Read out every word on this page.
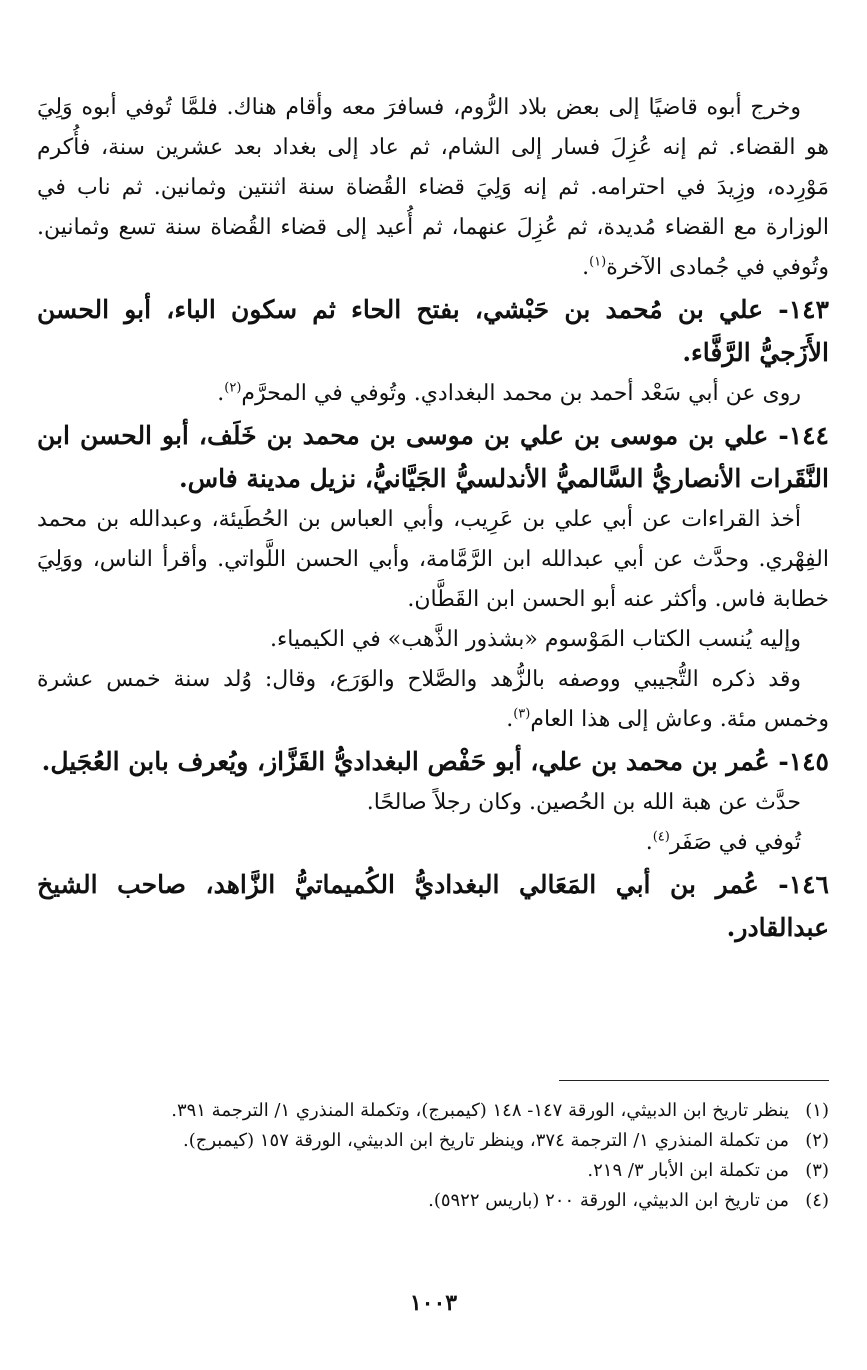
وخرج أبوه قاضيًا إلى بعض بلاد الرُّوم، فسافرَ معه وأقام هناك. فلمَّا تُوفي أبوه وَلِيَ هو القضاء. ثم إنه عُزِلَ فسار إلى الشام، ثم عاد إلى بغداد بعد عشرين سنة، فأُكرم مَوْرِده، وزِيدَ في احترامه. ثم إنه وَلِيَ قضاء القُضاة سنة اثنتين وثمانين. ثم ناب في الوزارة مع القضاء مُديدة، ثم عُزِلَ عنهما، ثم أُعيد إلى قضاء القُضاة سنة تسع وثمانين. وتُوفي في جُمادى الآخرة$^{(١)}$.

١٤٣- علي بن مُحمد بن حَبْشي، بفتح الحاء ثم سكون الباء، أبو الحسن الأَزَجيُّ الرَّفَّاء.

روى عن أبي سَعْد أحمد بن محمد البغدادي. وتُوفي في المحرَّم$^{(٢)}$.

١٤٤- علي بن موسى بن علي بن موسى بن محمد بن خَلَف، أبو الحسن ابن النَّقَرات الأنصاريُّ السَّالميُّ الأندلسيُّ الجَيَّانيُّ، نزيل مدينة فاس.

أخذ القراءات عن أبي علي بن عَرِيب، وأبي العباس بن الحُطَيئة، وعبدالله بن محمد الفِهْري. وحدَّث عن أبي عبدالله ابن الرَّمَّامة، وأبي الحسن اللَّواتي. وأقرأ الناس، ووَلِيَ خطابة فاس. وأكثر عنه أبو الحسن ابن القَطَّان.

وإليه يُنسب الكتاب المَوْسوم «بشذور الذَّهب» في الكيمياء.

وقد ذكره التُّجيبي ووصفه بالزُّهد والصَّلاح والوَرَع، وقال: وُلد سنة خمس عشرة وخمس مئة. وعاش إلى هذا العام$^{(٣)}$.

١٤٥- عُمر بن محمد بن علي، أبو حَفْص البغداديُّ القَزَّاز، ويُعرف بابن العُجَيل.

حدَّث عن هبة الله بن الحُصين. وكان رجلاً صالحًا.

تُوفي في صَفَر$^{(٤)}$.

١٤٦- عُمر بن أبي المَعَالي البغداديُّ الكُميماتيُّ الزَّاهد، صاحب الشيخ عبدالقادر.

(١)
ينظر تاريخ ابن الدبيثي، الورقة ١٤٧- ١٤٨ (كيمبرج)، وتكملة المنذري ١/ الترجمة ٣٩١.
(٢)
من تكملة المنذري ١/ الترجمة ٣٧٤، وينظر تاريخ ابن الدبيثي، الورقة ١٥٧ (كيمبرج).
(٣)
من تكملة ابن الأبار ٣/ ٢١٩.
(٤)
من تاريخ ابن الدبيثي، الورقة ٢٠٠ (باريس ٥٩٢٢).
١٠٠٣
